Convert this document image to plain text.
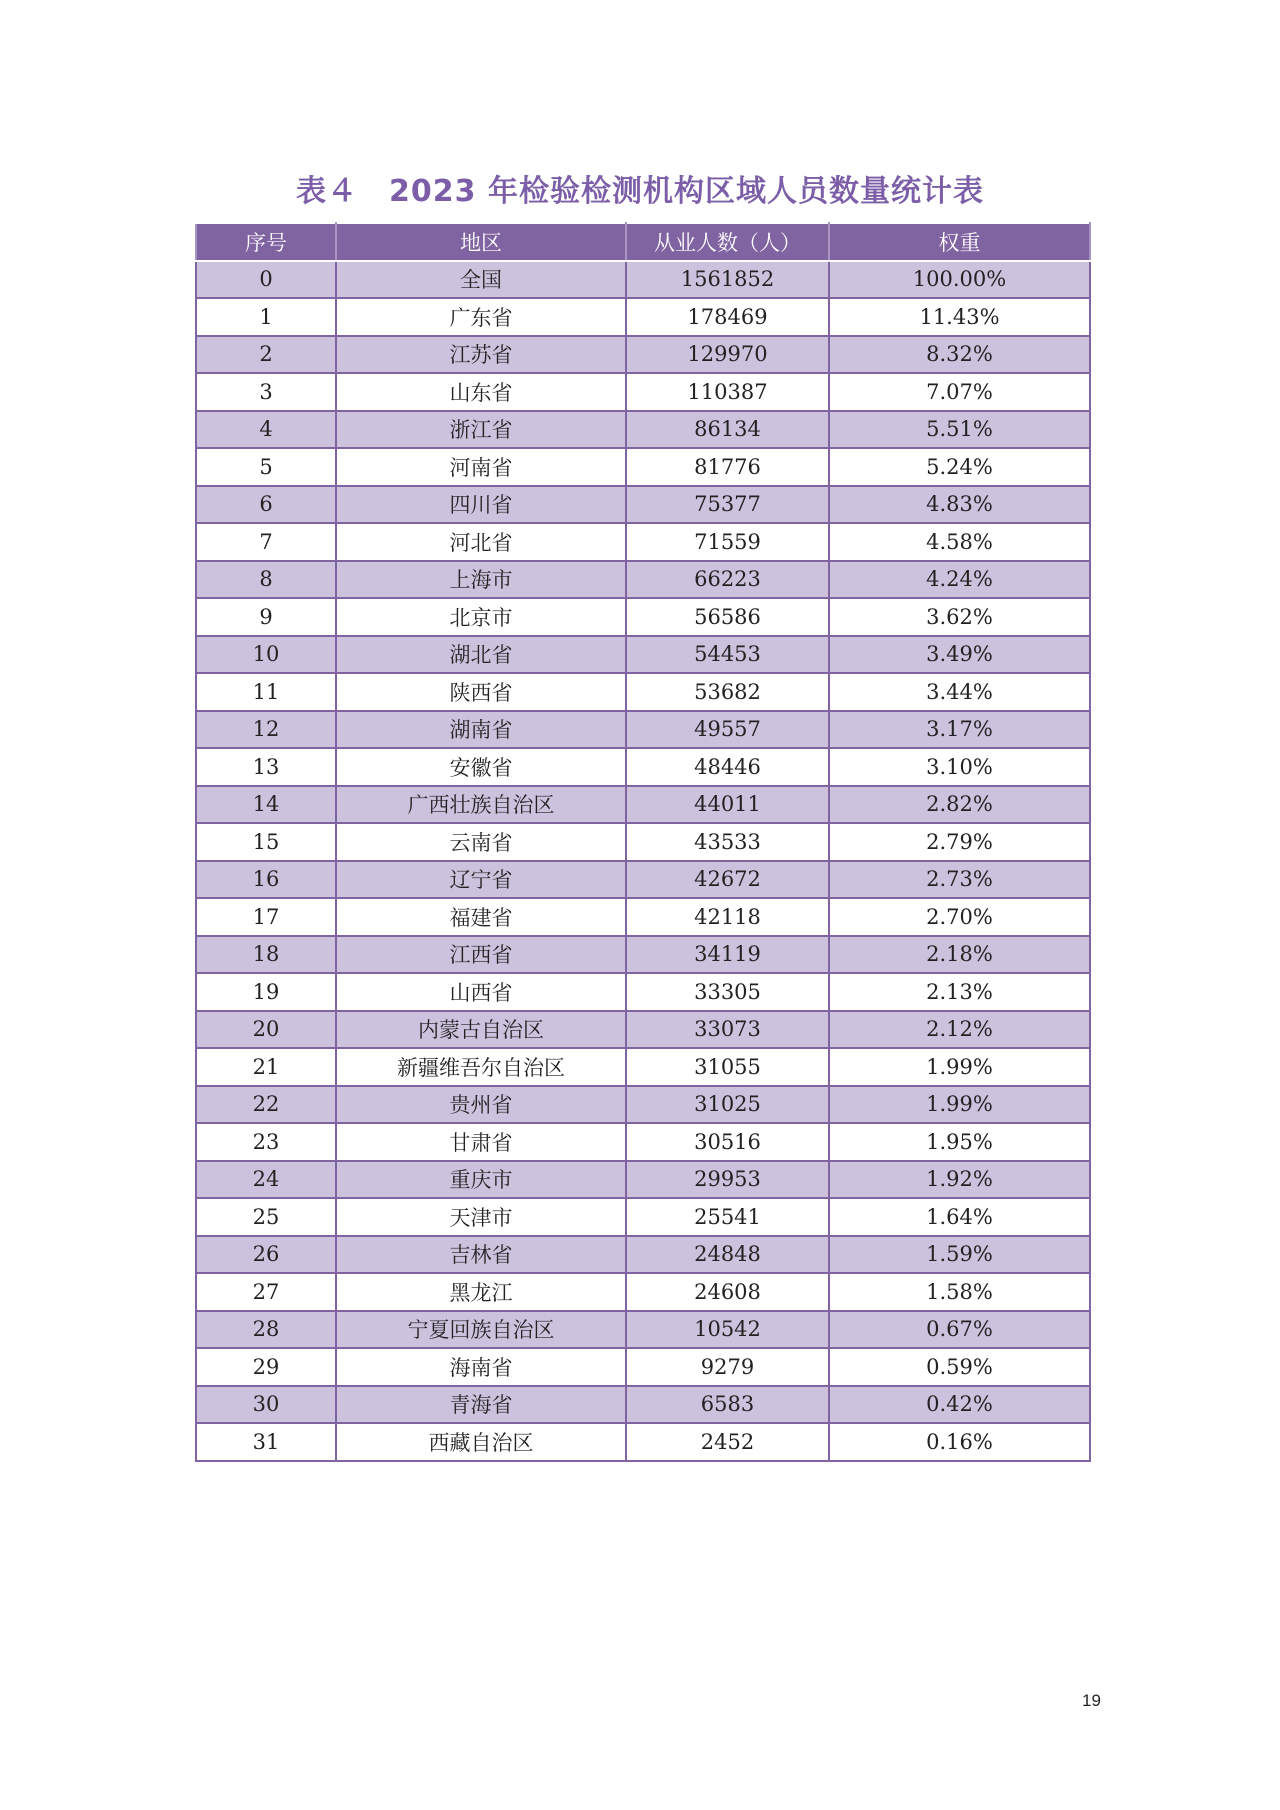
表４　2023 年检验检测机构区域人员数量统计表
序号	地区	从业人数（人）	权重
0	全国	1561852	100.00%
1	广东省	178469	11.43%
2	江苏省	129970	8.32%
3	山东省	110387	7.07%
4	浙江省	86134	5.51%
5	河南省	81776	5.24%
6	四川省	75377	4.83%
7	河北省	71559	4.58%
8	上海市	66223	4.24%
9	北京市	56586	3.62%
10	湖北省	54453	3.49%
11	陕西省	53682	3.44%
12	湖南省	49557	3.17%
13	安徽省	48446	3.10%
14	广西壮族自治区	44011	2.82%
15	云南省	43533	2.79%
16	辽宁省	42672	2.73%
17	福建省	42118	2.70%
18	江西省	34119	2.18%
19	山西省	33305	2.13%
20	内蒙古自治区	33073	2.12%
21	新疆维吾尔自治区	31055	1.99%
22	贵州省	31025	1.99%
23	甘肃省	30516	1.95%
24	重庆市	29953	1.92%
25	天津市	25541	1.64%
26	吉林省	24848	1.59%
27	黑龙江	24608	1.58%
28	宁夏回族自治区	10542	0.67%
29	海南省	9279	0.59%
30	青海省	6583	0.42%
31	西藏自治区	2452	0.16%
19
